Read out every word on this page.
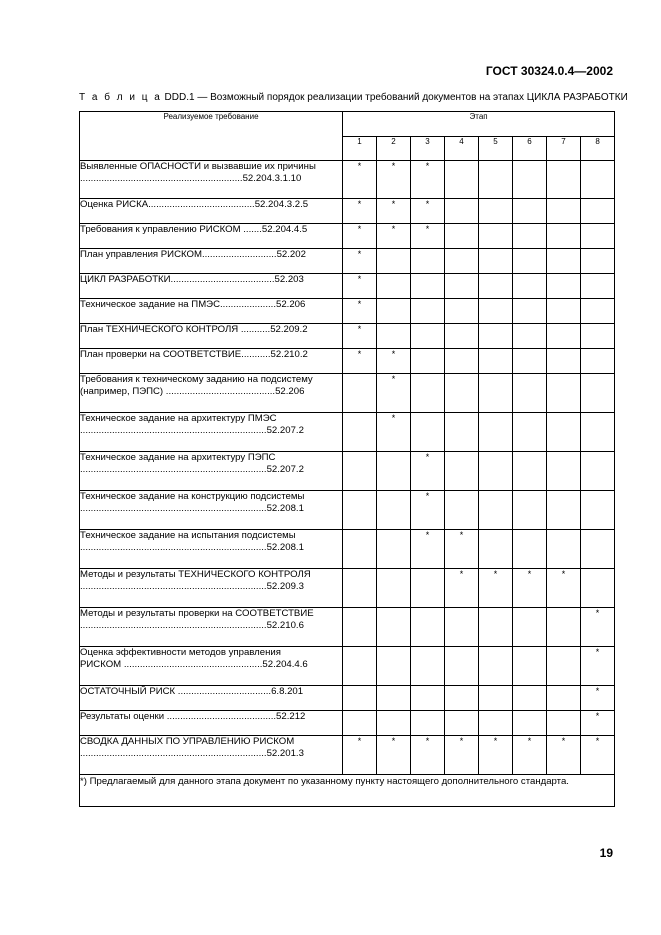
ГОСТ 30324.0.4—2002
Т а б л и ц а DDD.1 — Возможный порядок реализации требований документов на этапах ЦИКЛА РАЗРАБОТКИ
Реализуемое требование	Этап							
	1	2	3	4	5	6	7	8

Выявленные ОПАСНОСТИ и вызвавшие их причины
.............................................................52.204.3.1.10	*	*	*					

Оценка РИСКА........................................52.204.3.2.5	*	*	*					

Требования к управлению РИСКОМ .......52.204.4.5	*	*	*					

План управления РИСКОМ............................52.202	*							

ЦИКЛ РАЗРАБОТКИ.......................................52.203	*							

Техническое задание на ПМЭС.....................52.206	*							

План ТЕХНИЧЕСКОГО КОНТРОЛЯ ...........52.209.2	*							

План проверки на СООТВЕТСТВИЕ...........52.210.2	*	*						

Требования к техническому заданию на подсистему
(например, ПЭПС) .........................................52.206		*						

Техническое задание на архитектуру ПМЭС
......................................................................52.207.2		*						

Техническое задание на архитектуру ПЭПС
......................................................................52.207.2			*					

Техническое задание на конструкцию подсистемы
......................................................................52.208.1			*					

Техническое задание на испытания подсистемы
......................................................................52.208.1			*	*				

Методы и результаты ТЕХНИЧЕСКОГО КОНТРОЛЯ
......................................................................52.209.3				*	*	*	*	

Методы и результаты проверки на СООТВЕТСТВИЕ
......................................................................52.210.6								*

Оценка эффективности методов управления
РИСКОМ ....................................................52.204.4.6								*

ОСТАТОЧНЫЙ РИСК ...................................6.8.201								*

Результаты оценки .........................................52.212								*

СВОДКА ДАННЫХ ПО УПРАВЛЕНИЮ РИСКОМ
......................................................................52.201.3	*	*	*	*	*	*	*	*
*) Предлагаемый для данного этапа документ по указанному пункту настоящего дополнительного стандарта.								
19
